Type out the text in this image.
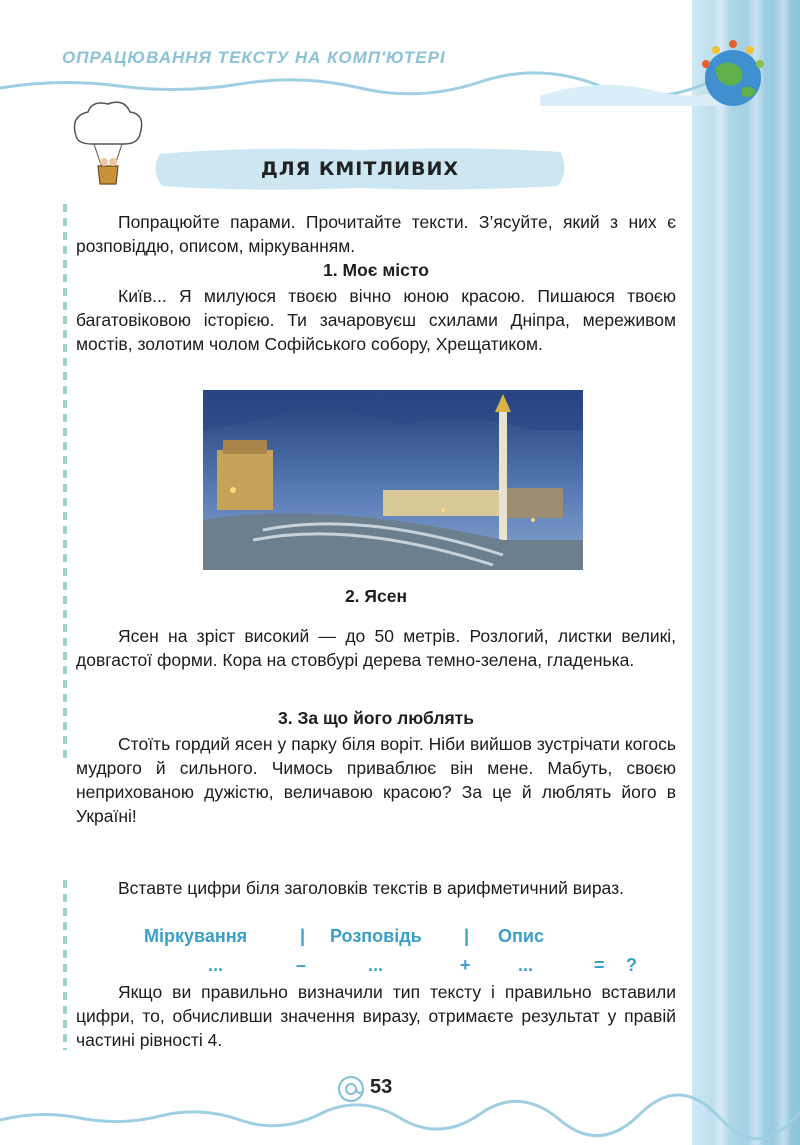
ОПРАЦЮВАННЯ ТЕКСТУ НА КОМП'ЮТЕРІ
ДЛЯ КМІТЛИВИХ

Попрацюйте парами. Прочитайте тексти. З’ясуйте, який з них є розповіддю, описом, міркуванням.

1. Моє місто

Київ... Я милуюся твоєю вічно юною красою. Пишаюся твоєю багатовіковою історією. Ти зачаровуєш схилами Дніпра, мереживом мостів, золотим чолом Софійського собору, Хрещатиком.

2. Ясен

Ясен на зріст високий — до 50 метрів. Розлогий, листки великі, довгастої форми. Кора на стовбурі дерева темно-зелена, гладенька.

3. За що його люблять

Стоїть гордий ясен у парку біля воріт. Ніби вийшов зустрічати когось мудрого й сильного. Чимось приваблює він мене. Мабуть, своєю неприхованою дужістю, величавою красою? За це й люблять його в Україні!

Вставте цифри біля заголовків текстів в арифметичний вираз.

Міркування	| Розповідь | Опис
...	–	...	+	...	= ?

Якщо ви правильно визначили тип тексту і правильно вставили цифри, то, обчисливши значення виразу, отримаєте результат у правій частині рівності 4.

53
